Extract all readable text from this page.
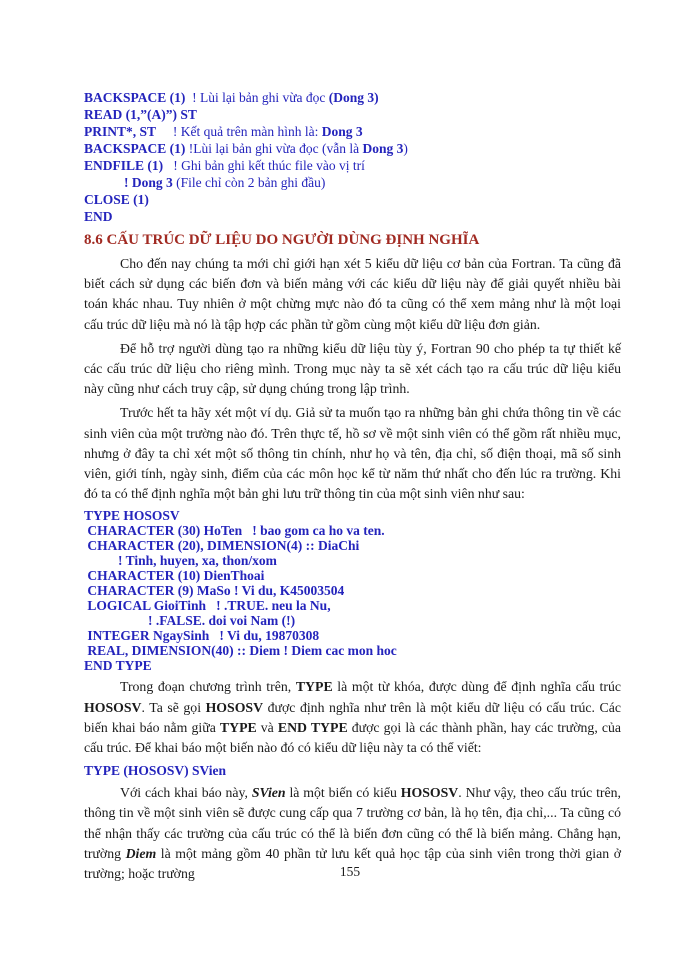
BACKSPACE (1)  ! Lùi lại bản ghi vừa đọc (Dong 3)
READ (1,”(A)”) ST
PRINT*, ST     ! Kết quả trên màn hình là: Dong 3
BACKSPACE (1) !Lùi lại bản ghi vừa đọc (vẫn là Dong 3)
ENDFILE (1)   ! Ghi bản ghi kết thúc file vào vị trí
! Dong 3 (File chỉ còn 2 bản ghi đầu)
CLOSE (1)
END
8.6 CẤU TRÚC DỮ LIỆU DO NGƯỜI DÙNG ĐỊNH NGHĨA

Cho đến nay chúng ta mới chỉ giới hạn xét 5 kiểu dữ liệu cơ bản của Fortran. Ta cũng đã biết cách sử dụng các biến đơn và biến mảng với các kiểu dữ liệu này để giải quyết nhiều bài toán khác nhau. Tuy nhiên ở một chừng mực nào đó ta cũng có thể xem mảng như là một loại cấu trúc dữ liệu mà nó là tập hợp các phần tử gồm cùng một kiểu dữ liệu đơn giản.

Để hỗ trợ người dùng tạo ra những kiểu dữ liệu tùy ý, Fortran 90 cho phép ta tự thiết kế các cấu trúc dữ liệu cho riêng mình. Trong mục này ta sẽ xét cách tạo ra cấu trúc dữ liệu kiểu này cũng như cách truy cập, sử dụng chúng trong lập trình.

Trước hết ta hãy xét một ví dụ. Giả sử ta muốn tạo ra những bản ghi chứa thông tin về các sinh viên của một trường nào đó. Trên thực tế, hồ sơ về một sinh viên có thể gồm rất nhiều mục, nhưng ở đây ta chỉ xét một số thông tin chính, như họ và tên, địa chỉ, số điện thoại, mã số sinh viên, giới tính, ngày sinh, điểm của các môn học kể từ năm thứ nhất cho đến lúc ra trường. Khi đó ta có thể định nghĩa một bản ghi lưu trữ thông tin của một sinh viên như sau:

TYPE HOSOSV
CHARACTER (30) HoTen   ! bao gom ca ho va ten.
CHARACTER (20), DIMENSION(4) :: DiaChi
! Tinh, huyen, xa, thon/xom
CHARACTER (10) DienThoai
CHARACTER (9) MaSo ! Vi du, K45003504
LOGICAL GioiTinh   ! .TRUE. neu la Nu,
! .FALSE. doi voi Nam (!)
INTEGER NgaySinh   ! Vi du, 19870308
REAL, DIMENSION(40) :: Diem ! Diem cac mon hoc
END TYPE

Trong đoạn chương trình trên, TYPE là một từ khóa, được dùng để định nghĩa cấu trúc HOSOSV. Ta sẽ gọi HOSOSV được định nghĩa như trên là một kiểu dữ liệu có cấu trúc. Các biến khai báo nằm giữa TYPE và END TYPE được gọi là các thành phần, hay các trường, của cấu trúc. Để khai báo một biến nào đó có kiểu dữ liệu này ta có thể viết:

TYPE (HOSOSV) SVien

Với cách khai báo này, SVien là một biến có kiểu HOSOSV. Như vậy, theo cấu trúc trên, thông tin về một sinh viên sẽ được cung cấp qua 7 trường cơ bản, là họ tên, địa chỉ,... Ta cũng có thể nhận thấy các trường của cấu trúc có thể là biến đơn cũng có thể là biến mảng. Chẳng hạn, trường Diem là một mảng gồm 40 phần tử lưu kết quả học tập của sinh viên trong thời gian ở trường; hoặc trường	155
